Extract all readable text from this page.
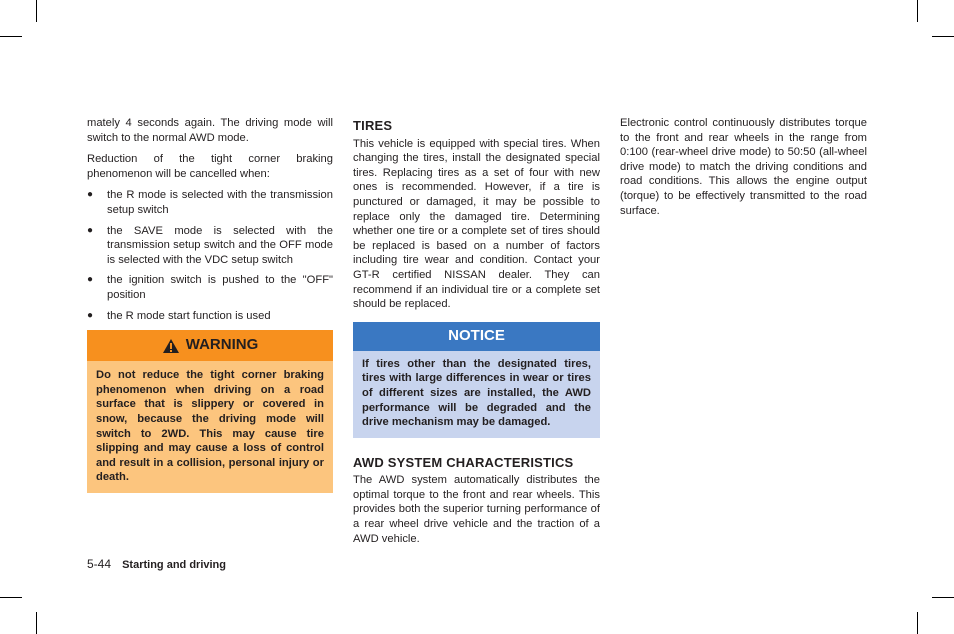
mately 4 seconds again. The driving mode will switch to the normal AWD mode.

Reduction of the tight corner braking phenomenon will be cancelled when:

● the R mode is selected with the transmission setup switch
● the SAVE mode is selected with the transmission setup switch and the OFF mode is selected with the VDC setup switch
● the ignition switch is pushed to the "OFF" position
● the R mode start function is used
WARNING
Do not reduce the tight corner braking phenomenon when driving on a road surface that is slippery or covered in snow, because the driving mode will switch to 2WD. This may cause tire slipping and may cause a loss of control and result in a collision, personal injury or death.
TIRES

This vehicle is equipped with special tires. When changing the tires, install the designated special tires. Replacing tires as a set of four with new ones is recommended. However, if a tire is punctured or damaged, it may be possible to replace only the damaged tire. Determining whether one tire or a complete set of tires should be replaced is based on a number of factors including tire wear and condition. Contact your GT-R certified NISSAN dealer. They can recommend if an individual tire or a complete set should be replaced.

NOTICE
If tires other than the designated tires, tires with large differences in wear or tires of different sizes are installed, the AWD performance will be degraded and the drive mechanism may be damaged.
AWD SYSTEM CHARACTERISTICS

The AWD system automatically distributes the optimal torque to the front and rear wheels. This provides both the superior turning performance of a rear wheel drive vehicle and the traction of a AWD vehicle.

Electronic control continuously distributes torque to the front and rear wheels in the range from 0:100 (rear-wheel drive mode) to 50:50 (all-wheel drive mode) to match the driving conditions and road conditions. This allows the engine output (torque) to be effectively transmitted to the road surface.

5-44 Starting and driving
